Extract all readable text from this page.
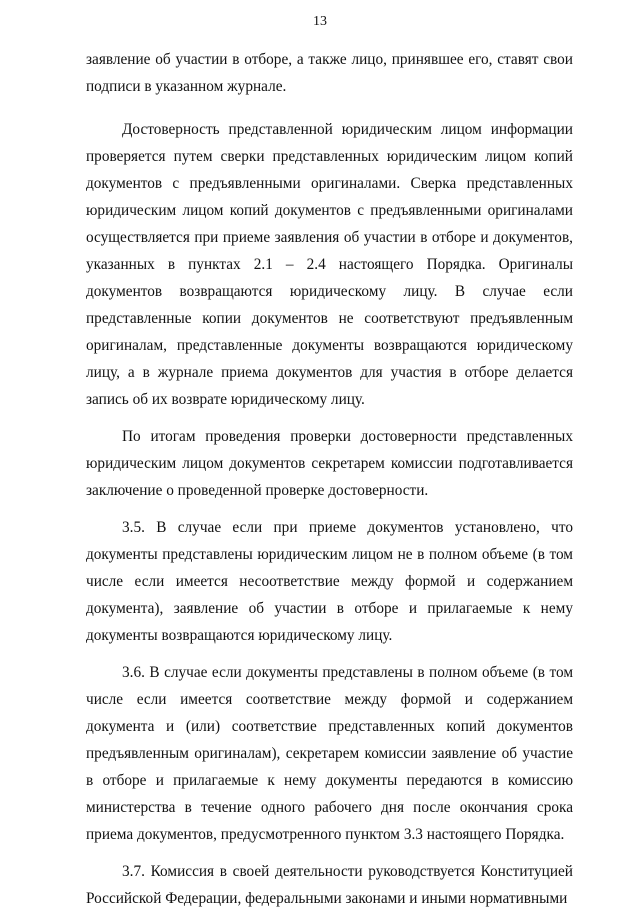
13

заявление об участии в отборе, а также лицо, принявшее его, ставят свои подписи в указанном журнале.

Достоверность представленной юридическим лицом информации проверяется путем сверки представленных юридическим лицом копий документов с предъявленными оригиналами. Сверка представленных юридическим лицом копий документов с предъявленными оригиналами осуществляется при приеме заявления об участии в отборе и документов, указанных в пунктах 2.1 – 2.4 настоящего Порядка. Оригиналы документов возвращаются юридическому лицу. В случае если представленные копии документов не соответствуют предъявленным оригиналам, представленные документы возвращаются юридическому лицу, а в журнале приема документов для участия в отборе делается запись об их возврате юридическому лицу.

По итогам проведения проверки достоверности представленных юридическим лицом документов секретарем комиссии подготавливается заключение о проведенной проверке достоверности.

3.5. В случае если при приеме документов установлено, что документы представлены юридическим лицом не в полном объеме (в том числе если имеется несоответствие между формой и содержанием документа), заявление об участии в отборе и прилагаемые к нему документы возвращаются юридическому лицу.

3.6. В случае если документы представлены в полном объеме (в том числе если имеется соответствие между формой и содержанием документа и (или) соответствие представленных копий документов предъявленным оригиналам), секретарем комиссии заявление об участие в отборе и прилагаемые к нему документы передаются в комиссию министерства в течение одного рабочего дня после окончания срока приема документов, предусмотренного пунктом 3.3 настоящего Порядка.

3.7. Комиссия в своей деятельности руководствуется Конституцией Российской Федерации, федеральными законами и иными нормативными
